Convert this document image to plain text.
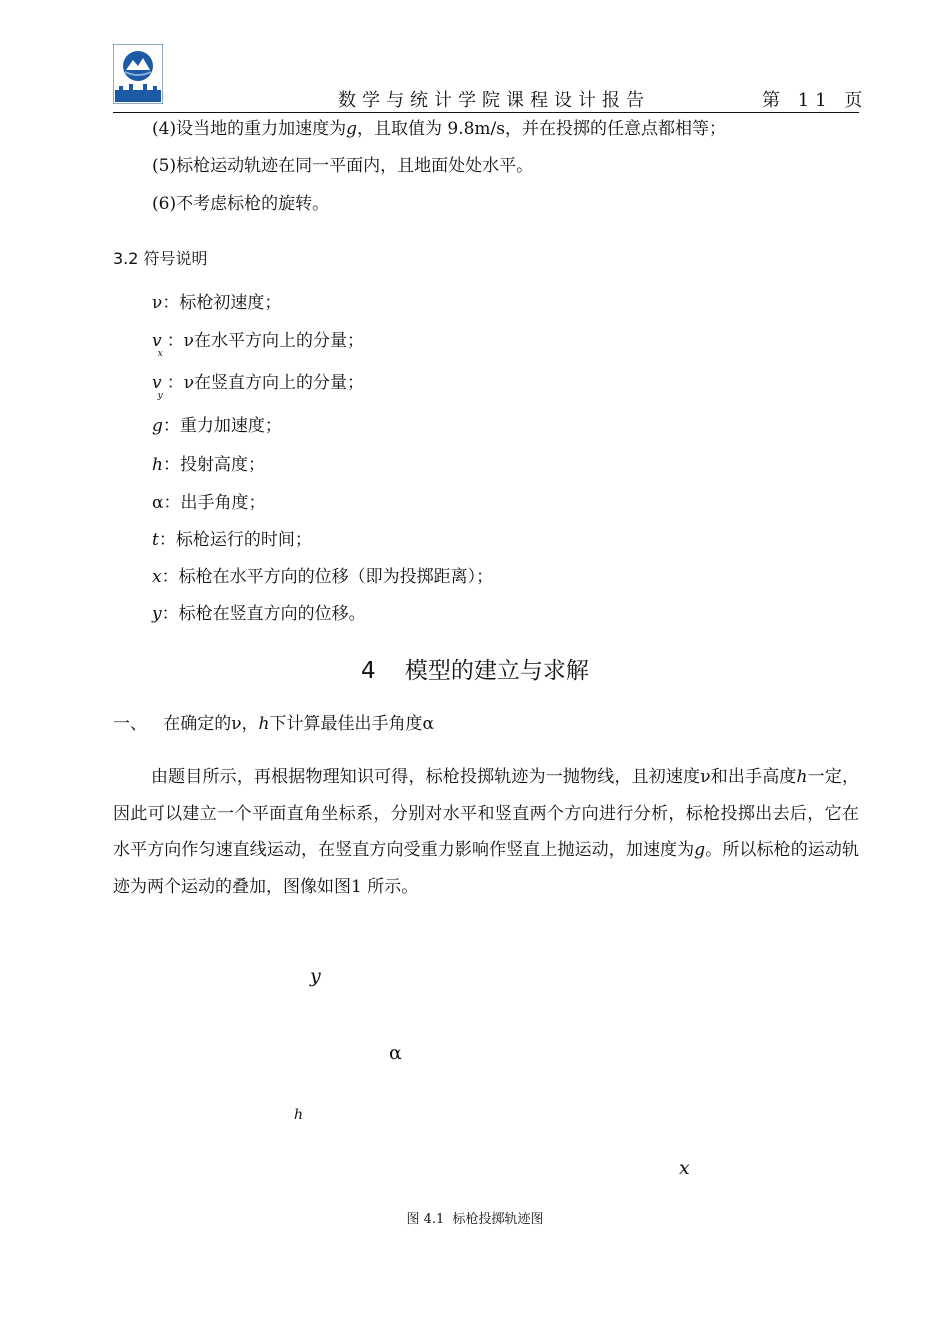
数学与统计学院课程设计报告	第 11 页
(4)设当地的重力加速度为g，且取值为 9.8m/s，并在投掷的任意点都相等；
(5)标枪运动轨迹在同一平面内，且地面处处水平。
(6)不考虑标枪的旋转。
3.2 符号说明
ν：标枪初速度；
$v_x$：ν在水平方向上的分量；
$v_y$：ν在竖直方向上的分量；
g：重力加速度；
h：投射高度；
α：出手角度；
t：标枪运行的时间；
x：标枪在水平方向的位移（即为投掷距离）；
y：标枪在竖直方向的位移。
4    模型的建立与求解
一、   在确定的ν，h下计算最佳出手角度α
由题目所示，再根据物理知识可得，标枪投掷轨迹为一抛物线，且初速度ν和出手高度h一定，因此可以建立一个平面直角坐标系，分别对水平和竖直两个方向进行分析，标枪投掷出去后，它在水平方向作匀速直线运动，在竖直方向受重力影响作竖直上抛运动，加速度为g。所以标枪的运动轨迹为两个运动的叠加，图像如图1 所示。
y
α
h
x
图 4.1  标枪投掷轨迹图
